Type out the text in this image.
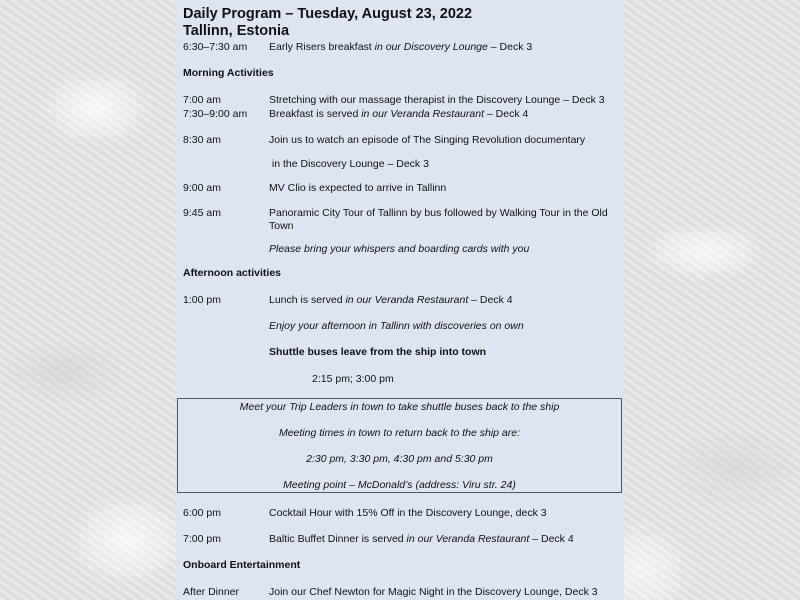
Daily Program – Tuesday, August 23, 2022
Tallinn, Estonia
6:30–7:30 am Early Risers breakfast in our Discovery Lounge – Deck 3
Morning Activities
7:00 am	Stretching with our massage therapist in the Discovery Lounge – Deck 3
7:30–9:00 am Breakfast is served in our Veranda Restaurant – Deck 4
8:30 am	Join us to watch an episode of The Singing Revolution documentary
in the Discovery Lounge – Deck 3
9:00 am	MV Clio is expected to arrive in Tallinn
9:45 am	Panoramic City Tour of Tallinn by bus followed by Walking Tour in the Old Town
Please bring your whispers and boarding cards with you
Afternoon activities
1:00 pm	Lunch is served in our Veranda Restaurant – Deck 4
Enjoy your afternoon in Tallinn with discoveries on own
Shuttle buses leave from the ship into town
2:15 pm; 3:00 pm
Meet your Trip Leaders in town to take shuttle buses back to the ship
Meeting times in town to return back to the ship are:
2:30 pm, 3:30 pm, 4:30 pm and 5:30 pm
Meeting point – McDonald’s (address: Viru str. 24)
6:00 pm	Cocktail Hour with 15% Off in the Discovery Lounge, deck 3
7:00 pm	Baltic Buffet Dinner is served in our Veranda Restaurant – Deck 4
Onboard Entertainment
After Dinner	Join our Chef Newton for Magic Night in the Discovery Lounge, Deck 3
